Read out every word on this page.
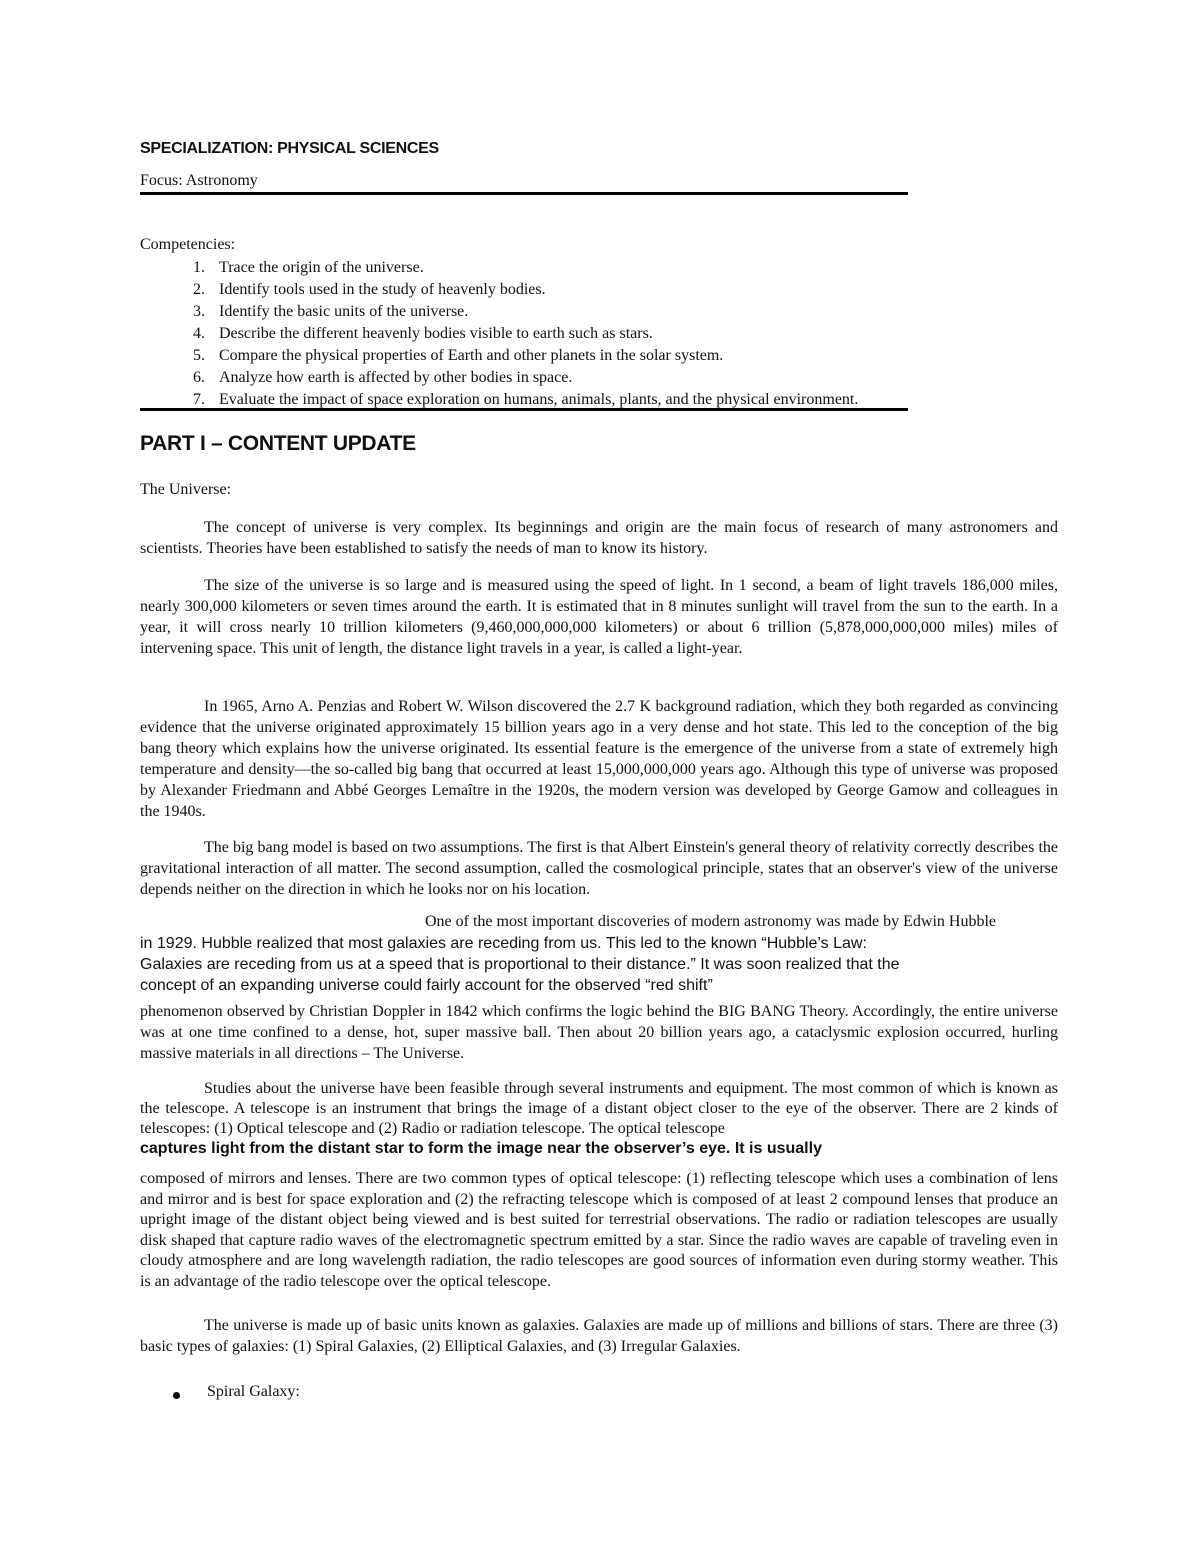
SPECIALIZATION: PHYSICAL SCIENCES

Focus: Astronomy

Competencies:

1. Trace the origin of the universe.
2. Identify tools used in the study of heavenly bodies.
3. Identify the basic units of the universe.
4. Describe the different heavenly bodies visible to earth such as stars.
5. Compare the physical properties of Earth and other planets in the solar system.
6. Analyze how earth is affected by other bodies in space.
7. Evaluate the impact of space exploration on humans, animals, plants, and the physical environment.

PART I – CONTENT UPDATE

The Universe:

The concept of universe is very complex. Its beginnings and origin are the main focus of research of many astronomers and scientists. Theories have been established to satisfy the needs of man to know its history.

The size of the universe is so large and is measured using the speed of light. In 1 second, a beam of light travels 186,000 miles, nearly 300,000 kilometers or seven times around the earth. It is estimated that in 8 minutes sunlight will travel from the sun to the earth. In a year, it will cross nearly 10 trillion kilometers (9,460,000,000,000 kilometers) or about 6 trillion (5,878,000,000,000 miles) miles of intervening space. This unit of length, the distance light travels in a year, is called a light-year.

In 1965, Arno A. Penzias and Robert W. Wilson discovered the 2.7 K background radiation, which they both regarded as convincing evidence that the universe originated approximately 15 billion years ago in a very dense and hot state. This led to the conception of the big bang theory which explains how the universe originated. Its essential feature is the emergence of the universe from a state of extremely high temperature and density—the so-called big bang that occurred at least 15,000,000,000 years ago. Although this type of universe was proposed by Alexander Friedmann and Abbé Georges Lemaître in the 1920s, the modern version was developed by George Gamow and colleagues in the 1940s.

The big bang model is based on two assumptions. The first is that Albert Einstein's general theory of relativity correctly describes the gravitational interaction of all matter. The second assumption, called the cosmological principle, states that an observer's view of the universe depends neither on the direction in which he looks nor on his location.

One of the most important discoveries of modern astronomy was made by Edwin Hubble

in 1929. Hubble realized that most galaxies are receding from us. This led to the known “Hubble’s Law: Galaxies are receding from us at a speed that is proportional to their distance.” It was soon realized that the concept of an expanding universe could fairly account for the observed “red shift”

phenomenon observed by Christian Doppler in 1842 which confirms the logic behind the BIG BANG Theory. Accordingly, the entire universe was at one time confined to a dense, hot, super massive ball. Then about 20 billion years ago, a cataclysmic explosion occurred, hurling massive materials in all directions – The Universe.

Studies about the universe have been feasible through several instruments and equipment. The most common of which is known as the telescope. A telescope is an instrument that brings the image of a distant object closer to the eye of the observer. There are 2 kinds of telescopes: (1) Optical telescope and (2) Radio or radiation telescope. The optical telescope

captures light from the distant star to form the image near the observer’s eye. It is usually

composed of mirrors and lenses. There are two common types of optical telescope: (1) reflecting telescope which uses a combination of lens and mirror and is best for space exploration and (2) the refracting telescope which is composed of at least 2 compound lenses that produce an upright image of the distant object being viewed and is best suited for terrestrial observations. The radio or radiation telescopes are usually disk shaped that capture radio waves of the electromagnetic spectrum emitted by a star. Since the radio waves are capable of traveling even in cloudy atmosphere and are long wavelength radiation, the radio telescopes are good sources of information even during stormy weather. This is an advantage of the radio telescope over the optical telescope.

The universe is made up of basic units known as galaxies. Galaxies are made up of millions and billions of stars. There are three (3) basic types of galaxies: (1) Spiral Galaxies, (2) Elliptical Galaxies, and (3) Irregular Galaxies.

Spiral Galaxy:
